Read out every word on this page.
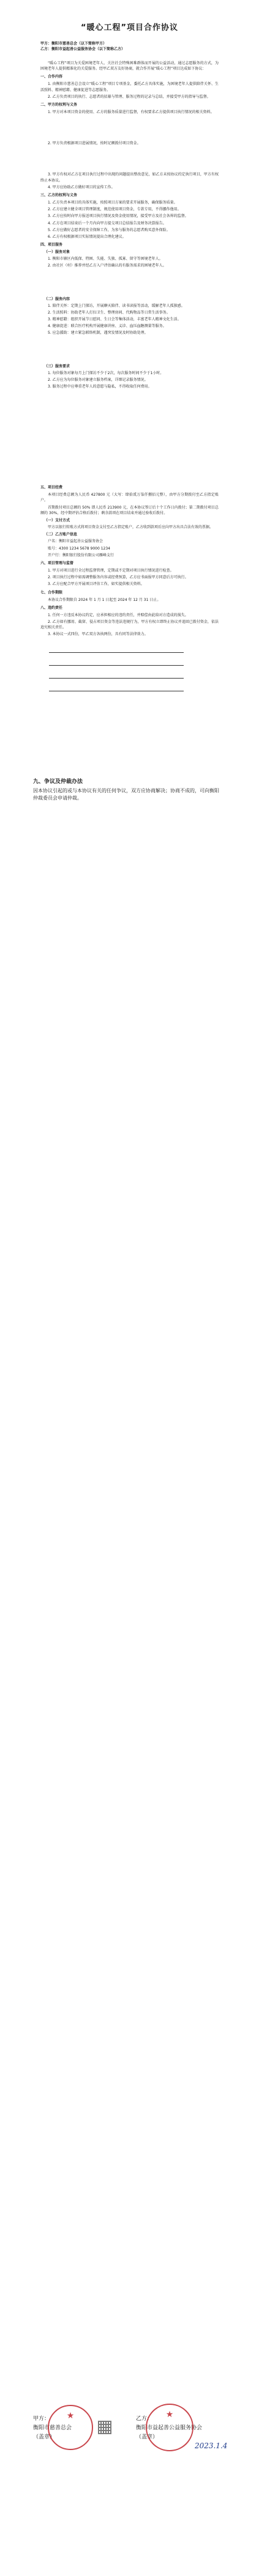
“暖心工程”项目合作协议

甲方：衡阳市慈善总会（以下简称甲方）

乙方：衡阳市益起善公益服务协会（以下简称乙方）

“暖心工程”项目为关爱困境老年人、关注社会特殊困难群体而开展的公益活动，通过志愿服务的方式，为困境老年人提供精准化的关爱服务。经甲乙双方友好协商，就合作开展“暖心工程”项目达成如下协议：

一、合作内容

1. 由衡阳市慈善总会设立“暖心工程”项目专项基金，委托乙方具体实施，为困境老年人提供陪伴关怀、生活照料、精神慰藉、健康促进等志愿服务。

2. 乙方负责项目的执行、志愿者的招募与管理、服务过程的记录与总结，并接受甲方的指导与监督。

二、甲方的权利与义务

1. 甲方对本项目资金的使用、乙方的服务质量进行监督，有权要求乙方提供项目执行情况的相关资料。

2. 甲方负责根据项目进展情况，按时足额拨付项目资金。

3. 甲方有权对乙方在项目执行过程中出现的问题提出整改意见，如乙方未按协议约定执行项目，甲方有权终止本协议。

4. 甲方应协助乙方做好项目的宣传工作。

三、乙方的权利与义务

1. 乙方负责本项目的具体实施，按照项目方案的要求开展服务，确保服务质量。

2. 乙方应建立健全项目管理制度，规范使用项目资金，专款专用，不得挪作他用。

3. 乙方应按时向甲方报送项目执行情况及资金使用情况，接受甲方及社会各界的监督。

4. 乙方在项目结束后一个月内向甲方提交项目总结报告及财务决算报告。

5. 乙方应做好志愿者的安全保障工作，为参与服务的志愿者购买意外保险。

6. 乙方有权根据项目实际情况提出合理化建议。

四、项目服务
（一）服务对象

1. 衡阳市辖区内低保、特困、失能、失独、孤寡、留守等困境老年人。

2. 由社区（村）推荐并经乙方入户评估确认的有服务需求的困境老年人。

（二）服务内容

1. 陪伴关怀：定期上门探访，开展聊天陪伴、读书读报等活动，缓解老年人孤独感。

2. 生活照料：协助老年人打扫卫生、整理房间、代购物品等日常生活事务。

3. 精神慰藉：组织开展节日慰问、生日会等集体活动，丰富老年人精神文化生活。

4. 健康促进：联合医疗机构开展健康讲座、义诊、血压血糖测量等服务。

5. 应急援助：建立紧急联络机制，遇突发情况及时协助处理。

（三）服务要求

1. 每位服务对象每月上门探访不少于2次，每次服务时间不少于1小时。

2. 乙方应为每位服务对象建立服务档案，详细记录服务情况。

3. 服务过程中应尊重老年人的意愿与隐私，不得收取任何费用。

五、项目经费

本项目经费总额为人民币 427800 元（大写：肆拾贰万柒仟捌佰元整），由甲方分期拨付至乙方指定账户。

首期拨付项目总额的 50% 即人民币 213900 元，在本协议签订后十个工作日内拨付；第二期拨付项目总额的 30%，经中期评估合格后拨付；剩余款项在项目结束并通过验收后拨付。

（一）支付方式

甲方以银行转账方式将项目资金支付至乙方指定账户，乙方收到款项后应向甲方出具合法有效的票据。

（二）乙方账户信息

户名：衡阳市益起善公益服务协会

账号：4300 1234 5678 9000 1234

开户行：衡阳银行股份有限公司雁峰支行

六、项目管理与监督

1. 甲方对项目进行全过程监督管理，定期或不定期对项目执行情况进行检查。

2. 项目执行过程中如需调整服务内容或经费预算，乙方应书面报甲方同意后方可执行。

3. 乙方应配合甲方开展项目评估工作，如实提供相关资料。

七、合作期限

本协议合作期限自 2024 年 1 月 1 日起至 2024 年 12 月 31 日止。

八、违约责任

1. 任何一方违反本协议约定，应承担相应的违约责任，并赔偿由此给对方造成的损失。

2. 乙方如有挪用、截留、侵占项目资金等违法违规行为，甲方有权立即终止协议并追回已拨付资金，依法追究相关责任。

3. 本协议一式四份，甲乙双方各执两份，具有同等法律效力。

九、争议及仲裁办法

因本协议引起的或与本协议有关的任何争议，双方应协商解决；协商不成的，可向衡阳仲裁委员会申请仲裁。

甲方：
衡阳市慈善总会
（盖章）
★	乙方：
衡阳市益起善公益服务协会
（盖章）
★
2023.1.4
